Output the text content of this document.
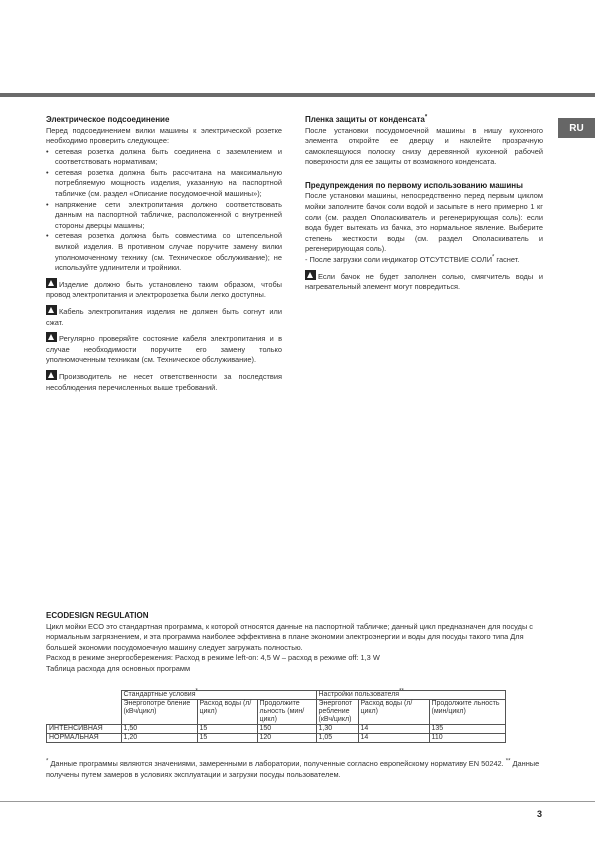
RU

Электрическое подсоединение

Перед подсоединением вилки машины к электрической розетке необходимо проверить следующее:

• сетевая розетка должна быть соединена с заземлением и соответствовать нормативам;

• сетевая розетка должна быть рассчитана на максимальную потребляемую мощность изделия, указанную на паспортной табличке (см. раздел «Описание посудомоечной машины»);

• напряжение сети электропитания должно соответствовать данным на паспортной табличке, расположенной с внутренней стороны дверцы машины;

• сетевая розетка должна быть совместима со штепсельной вилкой изделия. В противном случае поручите замену вилки уполномоченному технику (см. Техническое обслуживание); не используйте удлинители и тройники.

Изделие должно быть установлено таким образом, чтобы провод электропитания и электророзетка были легко доступны.

Кабель электропитания изделия не должен быть согнут или сжат.

Регулярно проверяйте состояние кабеля электропитания и в случае необходимости поручите его замену только уполномоченным техникам (см. Техническое обслуживание).

Производитель не несет ответственности за последствия несоблюдения перечисленных выше требований.

Пленка защиты от конденсата*

После установки посудомоечной машины в нишу кухонного элемента откройте ее дверцу и наклейте прозрачную самоклеящуюся полоску снизу деревянной кухонной рабочей поверхности для ее защиты от возможного конденсата.

Предупреждения по первому использованию машины

После установки машины, непосредственно перед первым циклом мойки заполните бачок соли водой и засыпьте в него примерно 1 кг соли (см. раздел Ополаскиватель и регенерирующая соль): если вода будет вытекать из бачка, это нормальное явление. Выберите степень жесткости воды (см. раздел Ополаскиватель и регенерирующая соль).

- После загрузки соли индикатор ОТСУТСТВИЕ СОЛИ* гаснет.

Если бачок не будет заполнен солью, смягчитель воды и нагревательный элемент могут повредиться.

ECODESIGN REGULATION
Цикл мойки ECO это стандартная программа, к которой относятся данные на паспортной табличке; данный цикл предназначен для посуды с нормальным загрязнением, и эта программа наиболее эффективна в плане экономии электроэнергии и воды для посуды такого типа Для большей экономии посудомоечную машину следует загружать полностью.
Расход в режиме энергосбережения: Расход в режиме left-on: 4,5 W – расход в режиме off: 1,3 W
Таблица расхода для основных программ
	Стандартные условия*			Настройки пользователя**
	Энергопотре бление (кВч/цикл)	Расход воды (л/цикл)	Продолжите льность (мин/цикл)	Энергопот ребление (кВч/цикл)	Расход воды (л/цикл)	Продолжите льность (мин/цикл)
ИНТЕНСИВНАЯ	1,50	15	150	1,30	14	135
НОРМАЛЬНАЯ	1,20	15	120	1,05	14	110
* Данные программы являются значениями, замеренными в лаборатории, полученные согласно европейскому нормативу EN 50242. ** Данные получены путем замеров в условиях эксплуатации и загрузки посуды пользователем.
3
